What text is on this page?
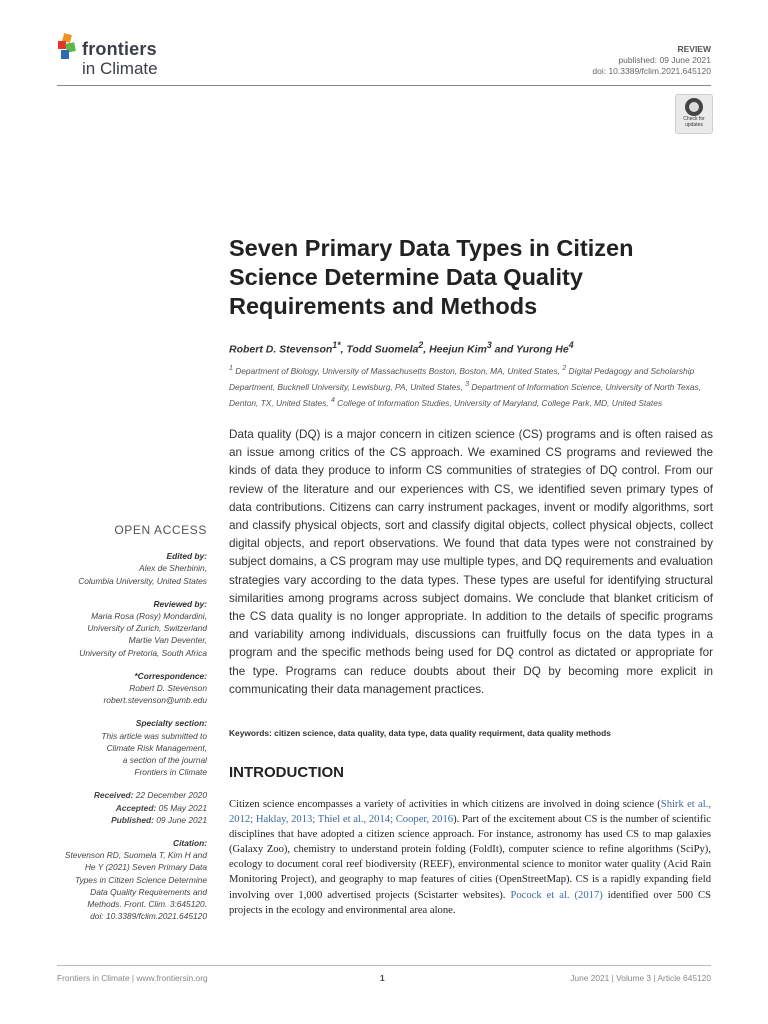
frontiers
in Climate
REVIEW
published: 09 June 2021
doi: 10.3389/fclim.2021.645120
Check for updates
Seven Primary Data Types in Citizen Science Determine Data Quality Requirements and Methods
Robert D. Stevenson$^{1*}$, Todd Suomela$^2$, Heejun Kim$^3$ and Yurong He$^4$
$^1$ Department of Biology, University of Massachusetts Boston, Boston, MA, United States, $^2$ Digital Pedagogy and Scholarship Department, Bucknell University, Lewisburg, PA, United States, $^3$ Department of Information Science, University of North Texas, Denton, TX, United States, $^4$ College of Information Studies, University of Maryland, College Park, MD, United States
Data quality (DQ) is a major concern in citizen science (CS) programs and is often raised as an issue among critics of the CS approach. We examined CS programs and reviewed the kinds of data they produce to inform CS communities of strategies of DQ control. From our review of the literature and our experiences with CS, we identified seven primary types of data contributions. Citizens can carry instrument packages, invent or modify algorithms, sort and classify physical objects, sort and classify digital objects, collect physical objects, collect digital objects, and report observations. We found that data types were not constrained by subject domains, a CS program may use multiple types, and DQ requirements and evaluation strategies vary according to the data types. These types are useful for identifying structural similarities among programs across subject domains. We conclude that blanket criticism of the CS data quality is no longer appropriate. In addition to the details of specific programs and variability among individuals, discussions can fruitfully focus on the data types in a program and the specific methods being used for DQ control as dictated or appropriate for the type. Programs can reduce doubts about their DQ by becoming more explicit in communicating their data management practices.
Keywords: citizen science, data quality, data type, data quality requirment, data quality methods
INTRODUCTION
Citizen science encompasses a variety of activities in which citizens are involved in doing science (Shirk et al., 2012; Haklay, 2013; Thiel et al., 2014; Cooper, 2016). Part of the excitement about CS is the number of scientific disciplines that have adopted a citizen science approach. For instance, astronomy has used CS to map galaxies (Galaxy Zoo), chemistry to understand protein folding (FoldIt), computer science to refine algorithms (SciPy), ecology to document coral reef biodiversity (REEF), environmental science to monitor water quality (Acid Rain Monitoring Project), and geography to map features of cities (OpenStreetMap). CS is a rapidly expanding field involving over 1,000 advertised projects (Scistarter websites). Pocock et al. (2017) identified over 500 CS projects in the ecology and environmental area alone.
OPEN ACCESS
Edited by:
Alex de Sherbinin,
Columbia University, United States
Reviewed by:
Maria Rosa (Rosy) Mondardini,
University of Zurich, Switzerland
Martie Van Deventer,
University of Pretoria, South Africa
*Correspondence:
Robert D. Stevenson
robert.stevenson@umb.edu
Specialty section:
This article was submitted to
Climate Risk Management,
a section of the journal
Frontiers in Climate
Received: 22 December 2020
Accepted: 05 May 2021
Published: 09 June 2021
Citation:
Stevenson RD, Suomela T, Kim H and
He Y (2021) Seven Primary Data
Types in Citizen Science Determine
Data Quality Requirements and
Methods. Front. Clim. 3:645120.
doi: 10.3389/fclim.2021.645120
Frontiers in Climate | www.frontiersin.org	1	June 2021 | Volume 3 | Article 645120
